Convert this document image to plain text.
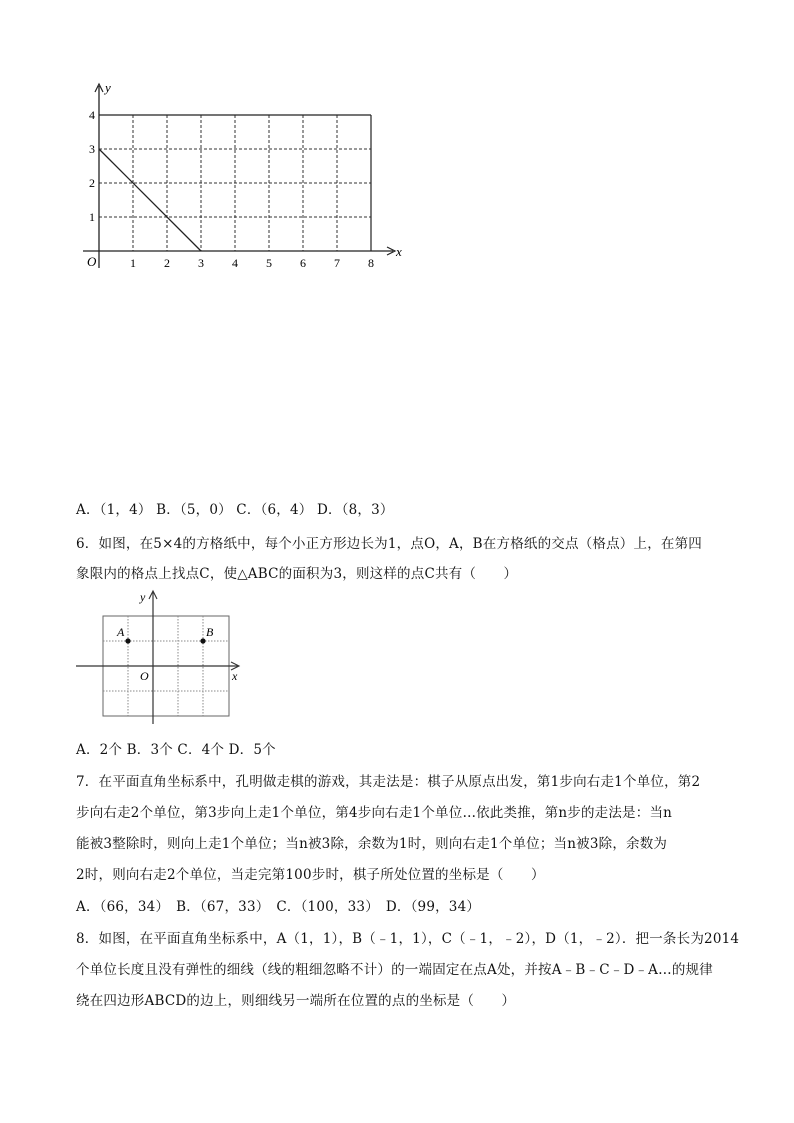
y
x
O	1 2 3 4 5 6 7 8
1
2
3
4
A．（1，4） B．（5，0） C．（6，4） D．（8，3）
6．如图，在5×4的方格纸中，每个小正方形边长为1，点O，A，B在方格纸的交点（格点）上，在第四
象限内的格点上找点C，使△ABC的面积为3，则这样的点C共有（　　）
A	B
O
y
x
A．2个 B．3个 C．4个 D．5个
7．在平面直角坐标系中，孔明做走棋的游戏，其走法是：棋子从原点出发，第1步向右走1个单位，第2
步向右走2个单位，第3步向上走1个单位，第4步向右走1个单位…依此类推，第n步的走法是：当n
能被3整除时，则向上走1个单位；当n被3除，余数为1时，则向右走1个单位；当n被3除，余数为
2时，则向右走2个单位，当走完第100步时，棋子所处位置的坐标是（　　）
A．（66，34）　B．（67，33）　C．（100，33）　D．（99，34）
8．如图，在平面直角坐标系中，A（1，1），B（﹣1，1），C（﹣1，﹣2），D（1，﹣2）．把一条长为2014
个单位长度且没有弹性的细线（线的粗细忽略不计）的一端固定在点A处，并按A﹣B﹣C﹣D﹣A…的规律
绕在四边形ABCD的边上，则细线另一端所在位置的点的坐标是（　　）
